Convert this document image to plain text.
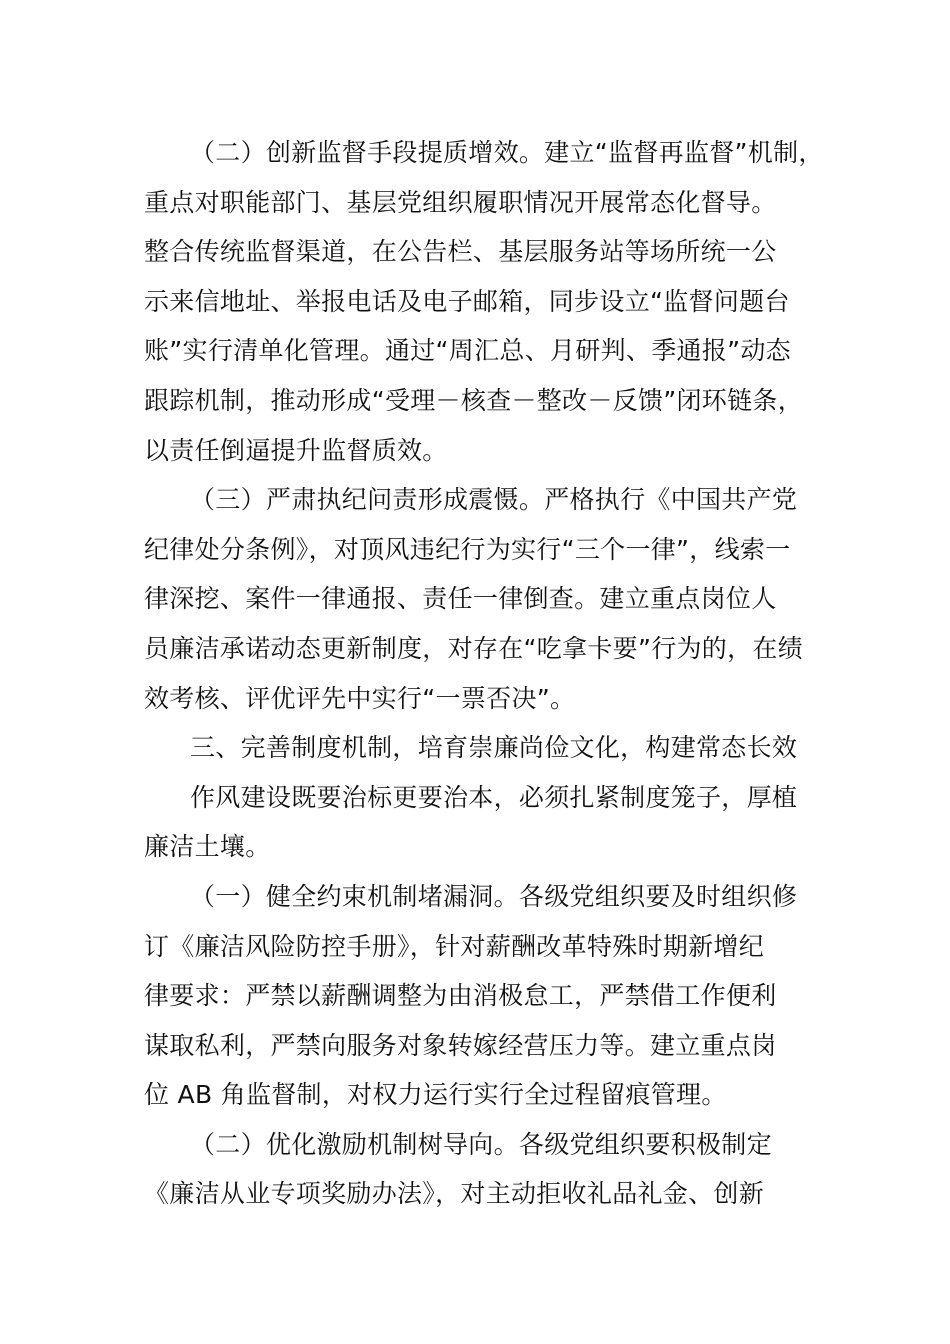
（二）创新监督手段提质增效。建立“监督再监督”机制，
重点对职能部门、基层党组织履职情况开展常态化督导。
整合传统监督渠道，在公告栏、基层服务站等场所统一公
示来信地址、举报电话及电子邮箱，同步设立“监督问题台
账”实行清单化管理。通过“周汇总、月研判、季通报”动态
跟踪机制，推动形成“受理－核查－整改－反馈”闭环链条，
以责任倒逼提升监督质效。

（三）严肃执纪问责形成震慑。严格执行《中国共产党
纪律处分条例》，对顶风违纪行为实行“三个一律”，线索一
律深挖、案件一律通报、责任一律倒查。建立重点岗位人
员廉洁承诺动态更新制度，对存在“吃拿卡要”行为的，在绩
效考核、评优评先中实行“一票否决”。

三、完善制度机制，培育崇廉尚俭文化，构建常态长效

作风建设既要治标更要治本，必须扎紧制度笼子，厚植
廉洁土壤。

（一）健全约束机制堵漏洞。各级党组织要及时组织修
订《廉洁风险防控手册》，针对薪酬改革特殊时期新增纪
律要求：严禁以薪酬调整为由消极怠工，严禁借工作便利
谋取私利，严禁向服务对象转嫁经营压力等。建立重点岗
位 AB 角监督制，对权力运行实行全过程留痕管理。

（二）优化激励机制树导向。各级党组织要积极制定
《廉洁从业专项奖励办法》，对主动拒收礼品礼金、创新
